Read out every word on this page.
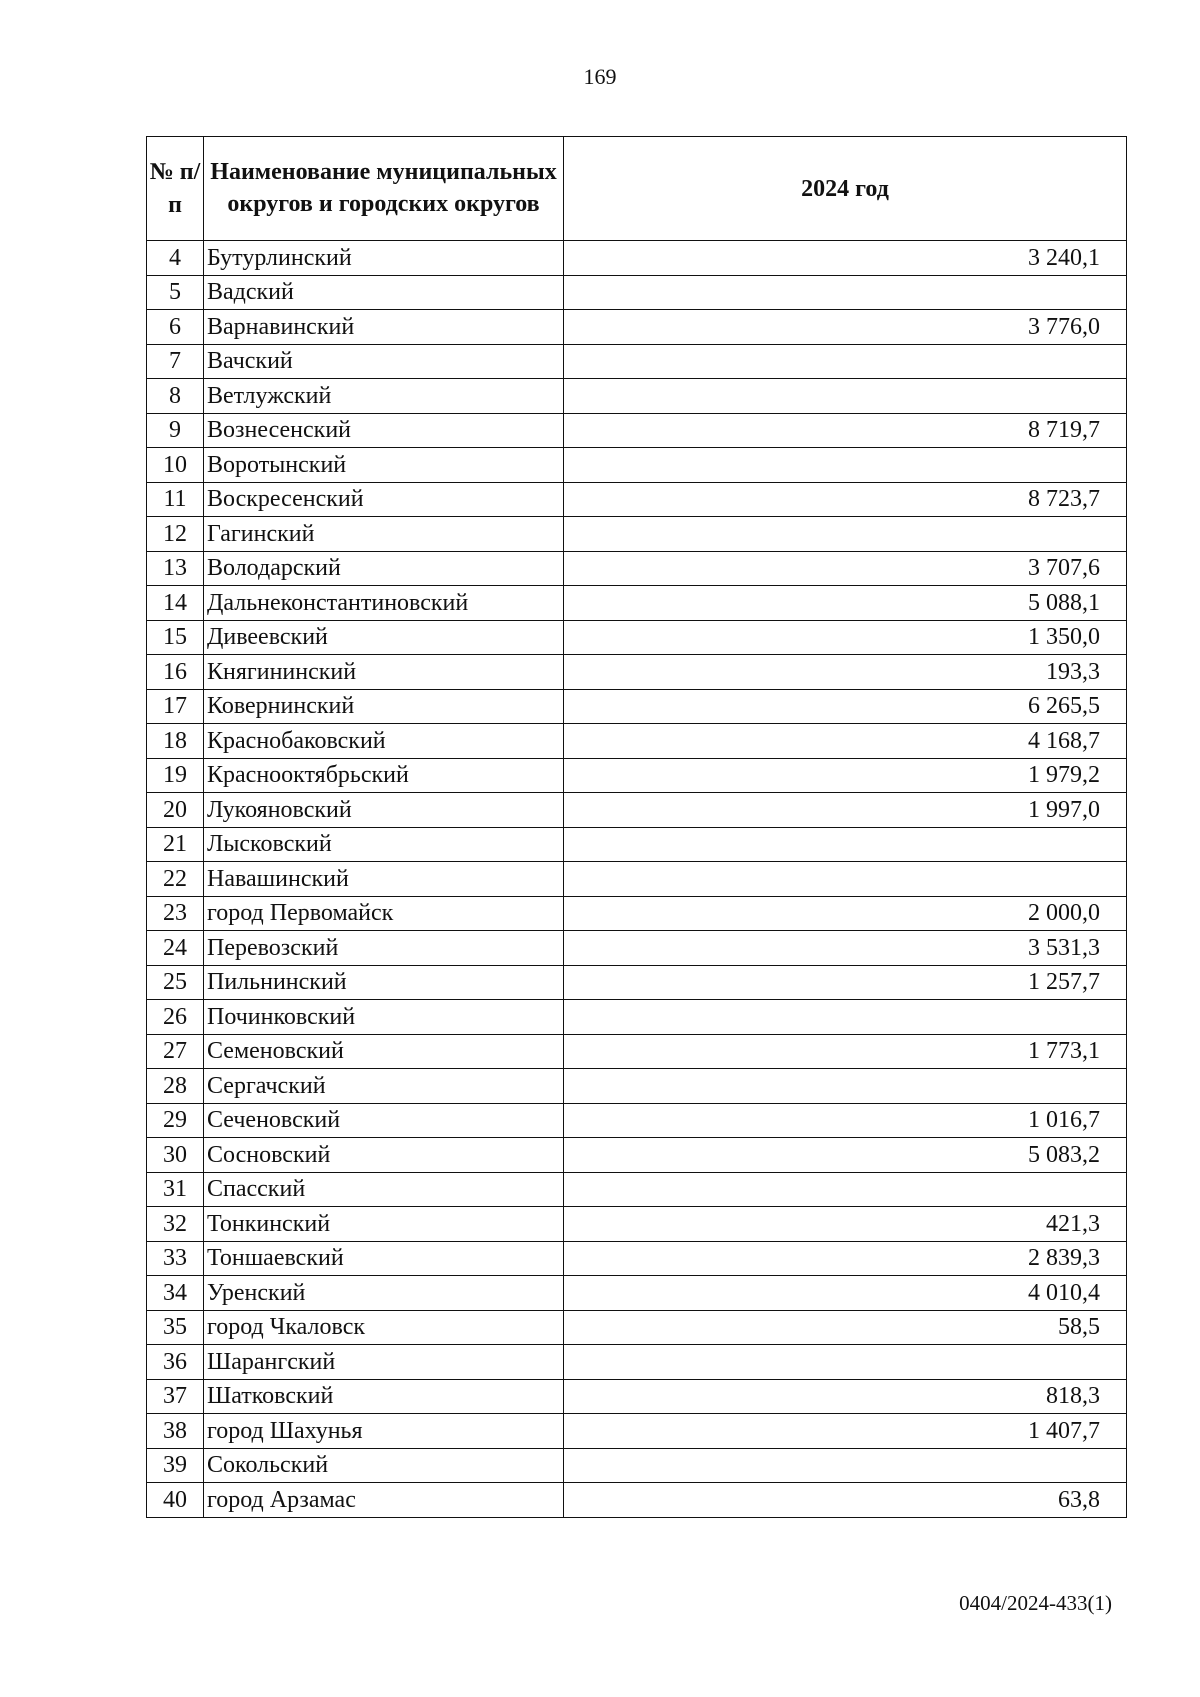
169
№ п/п	Наименование муниципальных округов и городских округов	2024 год
4	Бутурлинский	3 240,1
5	Вадский	
6	Варнавинский	3 776,0
7	Вачский	
8	Ветлужский	
9	Вознесенский	8 719,7
10	Воротынский	
11	Воскресенский	8 723,7
12	Гагинский	
13	Володарский	3 707,6
14	Дальнеконстантиновский	5 088,1
15	Дивеевский	1 350,0
16	Княгининский	193,3
17	Ковернинский	6 265,5
18	Краснобаковский	4 168,7
19	Краснооктябрьский	1 979,2
20	Лукояновский	1 997,0
21	Лысковский	
22	Навашинский	
23	город Первомайск	2 000,0
24	Перевозский	3 531,3
25	Пильнинский	1 257,7
26	Починковский	
27	Семеновский	1 773,1
28	Сергачский	
29	Сеченовский	1 016,7
30	Сосновский	5 083,2
31	Спасский	
32	Тонкинский	421,3
33	Тоншаевский	2 839,3
34	Уренский	4 010,4
35	город Чкаловск	58,5
36	Шарангский	
37	Шатковский	818,3
38	город Шахунья	1 407,7
39	Сокольский	
40	город Арзамас	63,8
0404/2024-433(1)
